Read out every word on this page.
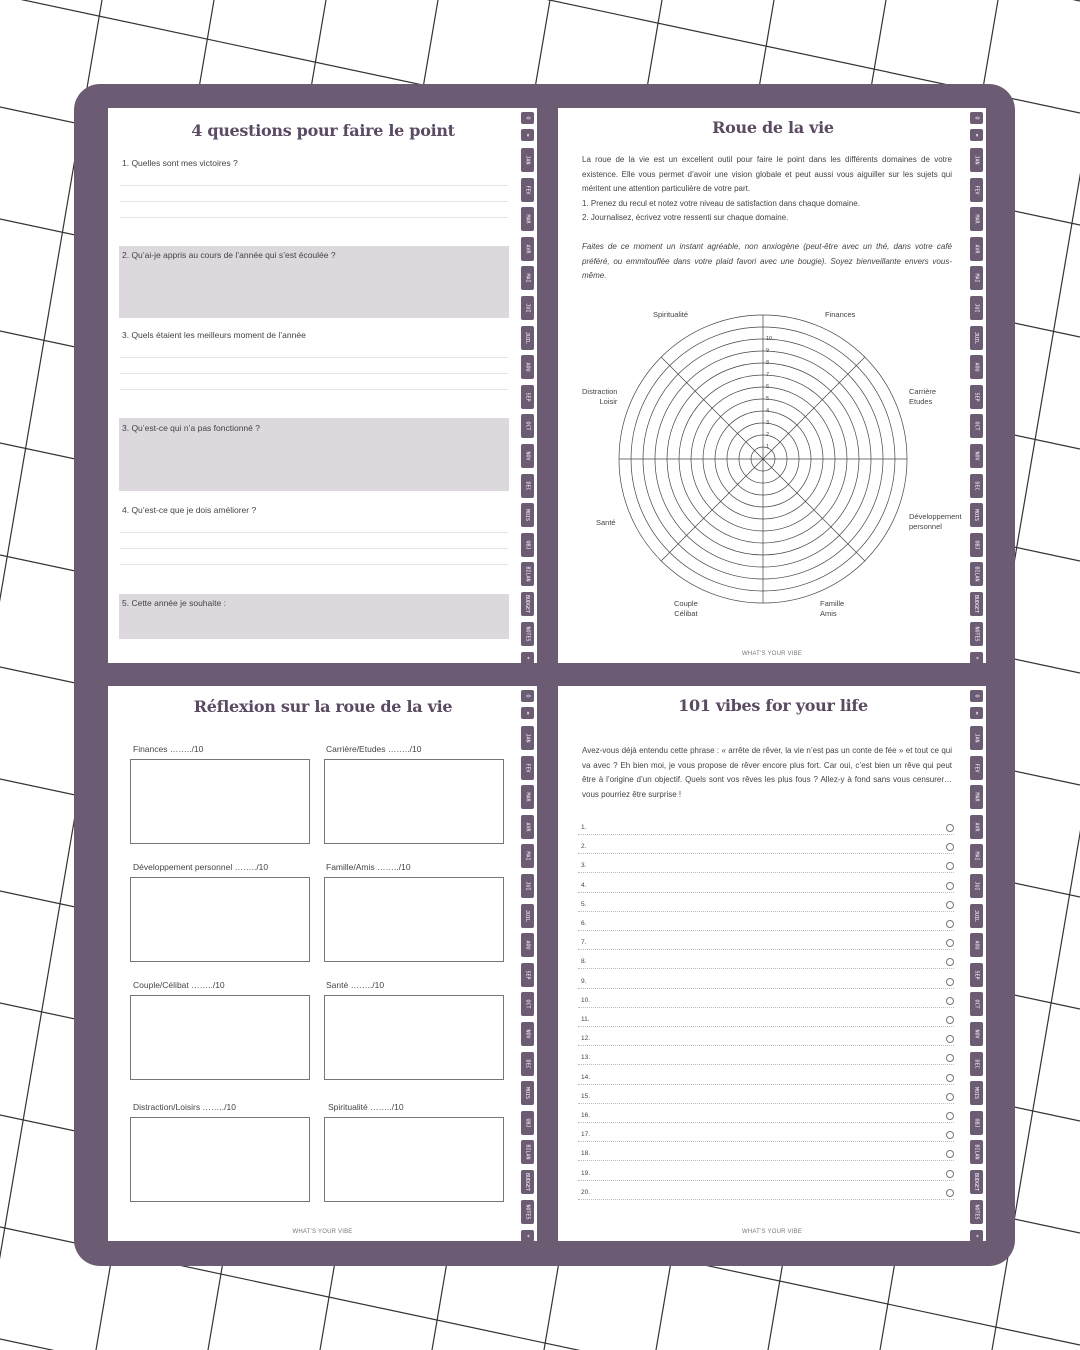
4 questions pour faire le point
1. Quelles sont mes victoires ?
2. Qu’ai-je appris au cours de l’année qui s’est écoulée ?
3. Quels étaient les meilleurs moment de l’année
3. Qu’est-ce qui n’a pas fonctionné ?
4. Qu’est-ce que je dois améliorer ?
5. Cette année je souhaite :
O
≡
JAN
FEV
MAR
AVR
MAI
JUI
JUIL
AOU
SEP
OCT
NOV
DEC
MOIS
OBJ
BILAN
BUDGET
NOTES
+
Roue de la vie
La roue de la vie est un excellent outil pour faire le point dans les différents domaines de votre existence. Elle vous permet d’avoir une vision globale et peut aussi vous aiguiller sur les sujets qui méritent une attention particulière de votre part.
1. Prenez du recul et notez votre niveau de satisfaction dans chaque domaine.
2. Journalisez, écrivez votre ressenti sur chaque domaine.
Faites de ce moment un instant agréable, non anxiogène (peut-être avec un thé, dans votre café préféré, ou emmitouflée dans votre plaid favori avec une bougie). Soyez bienveillante envers vous-même.
1
2
3
4
5
6
7
8
9
10
Spiritualité	Finances
Carrière
Etudes
Développement
personnel
Famille
Amis
Couple
Célibat
Santé
Distraction
Loisir
WHAT’S YOUR VIBE
O
≡
JAN
FEV
MAR
AVR
MAI
JUI
JUIL
AOU
SEP
OCT
NOV
DEC
MOIS
OBJ
BILAN
BUDGET
NOTES
+
Réflexion sur la roue de la vie
Finances ……../10	Carrière/Etudes ……../10
Développement personnel ……../10	Famille/Amis ……../10
Couple/Célibat ……../10	Santé ……../10
Distraction/Loisirs ……../10	Spiritualité ……../10
WHAT’S YOUR VIBE
O
≡
JAN
FEV
MAR
AVR
MAI
JUI
JUIL
AOU
SEP
OCT
NOV
DEC
MOIS
OBJ
BILAN
BUDGET
NOTES
+
101 vibes for your life
Avez-vous déjà entendu cette phrase : « arrête de rêver, la vie n’est pas un conte de fée » et tout ce qui va avec ? Eh bien moi, je vous propose de rêver encore plus fort. Car oui, c’est bien un rêve qui peut être à l’origine d’un objectif. Quels sont vos rêves les plus fous ? Allez-y à fond sans vous censurer… vous pourriez être surprise !
1.
2.
3.
4.
5.
6.
7.
8.
9.
10.
11.
12.
13.
14.
15.
16.
17.
18.
19.
20.
WHAT’S YOUR VIBE
O
≡
JAN
FEV
MAR
AVR
MAI
JUI
JUIL
AOU
SEP
OCT
NOV
DEC
MOIS
OBJ
BILAN
BUDGET
NOTES
+
